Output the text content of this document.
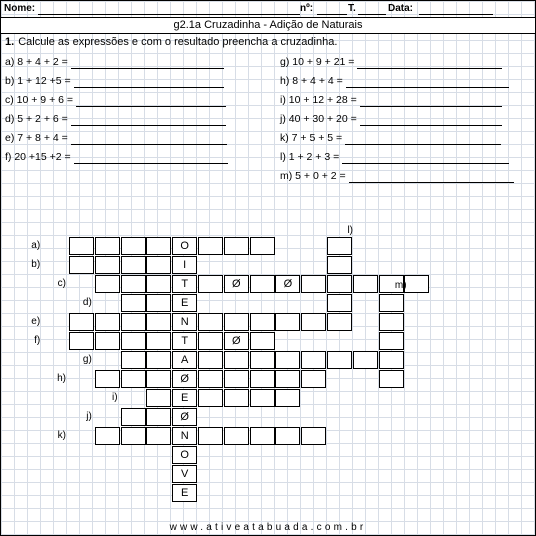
Nome:	nº:	T.	Data:
g2.1a Cruzadinha - Adição de Naturais
1. Calcule as expressões e com o resultado preencha a cruzadinha.
a) 8 + 4 + 2 =
b) 1 + 12 +5 =
c) 10 + 9 + 6 =
d) 5 + 2 + 6 =
e) 7 + 8 + 4 =
f) 20 +15 +2 =
g) 10 + 9 + 21 =
h) 8 + 4 + 4 =
i) 10 + 12 + 28 =
j) 40 + 30 + 20 =
k) 7 + 5 + 5 =
l) 1 + 2 + 3 =
m) 5 + 0 + 2 =
a)	O
b)	I
c)	T	Ø	Ø
d)	E
e)	N
f)	T	Ø
g)	A
h)	Ø
i)	E
j)	Ø
k)	N
O
V
E
l)
m)
www.ativeatabuada.com.br
